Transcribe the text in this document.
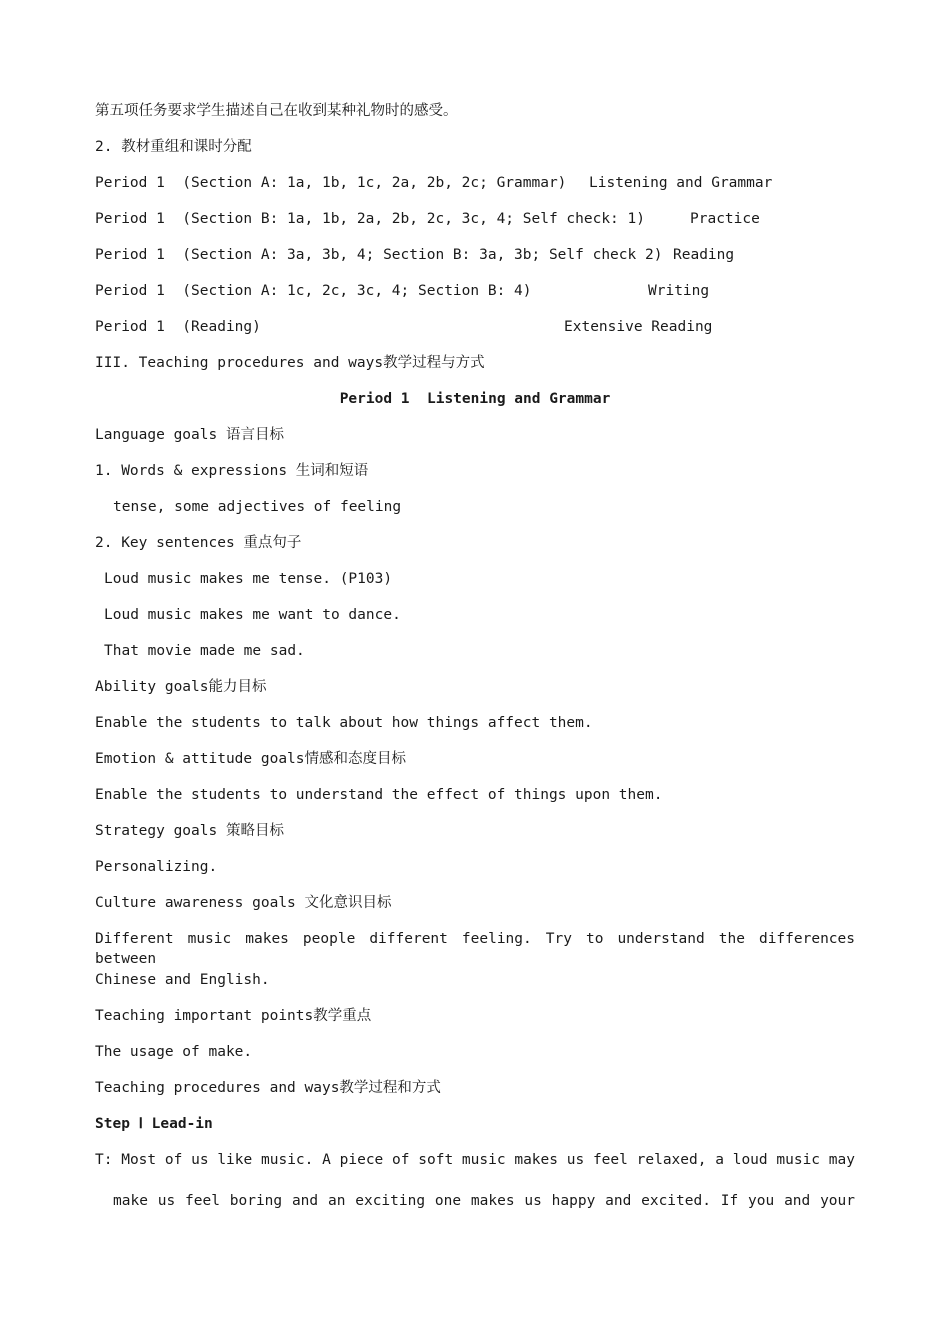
第五项任务要求学生描述自己在收到某种礼物时的感受。
2. 教材重组和课时分配
Period 1  (Section A: 1a, 1b, 1c, 2a, 2b, 2c; Grammar) Listening and Grammar
Period 1  (Section B: 1a, 1b, 2a, 2b, 2c, 3c, 4; Self check: 1)	Practice
Period 1  (Section A: 3a, 3b, 4; Section B: 3a, 3b; Self check 2) Reading
Period 1  (Section A: 1c, 2c, 3c, 4; Section B: 4)	Writing
Period 1  (Reading)	Extensive Reading
III. Teaching procedures and ways教学过程与方式
Period 1  Listening and Grammar
Language goals 语言目标
1. Words & expressions 生词和短语
tense, some adjectives of feeling
2. Key sentences 重点句子
Loud music makes me tense. (P103)
Loud music makes me want to dance.
That movie made me sad.
Ability goals能力目标
Enable the students to talk about how things affect them.
Emotion & attitude goals情感和态度目标
Enable the students to understand the effect of things upon them.
Strategy goals 策略目标
Personalizing.
Culture awareness goals 文化意识目标
Different music makes people different feeling. Try to understand the differences between
Chinese and English.
Teaching important points教学重点
The usage of make.
Teaching procedures and ways教学过程和方式
Step Ⅰ Lead-in
T: Most of us like music. A piece of soft music makes us feel relaxed, a loud music may
make us feel boring and an exciting one makes us happy and excited. If you and your
